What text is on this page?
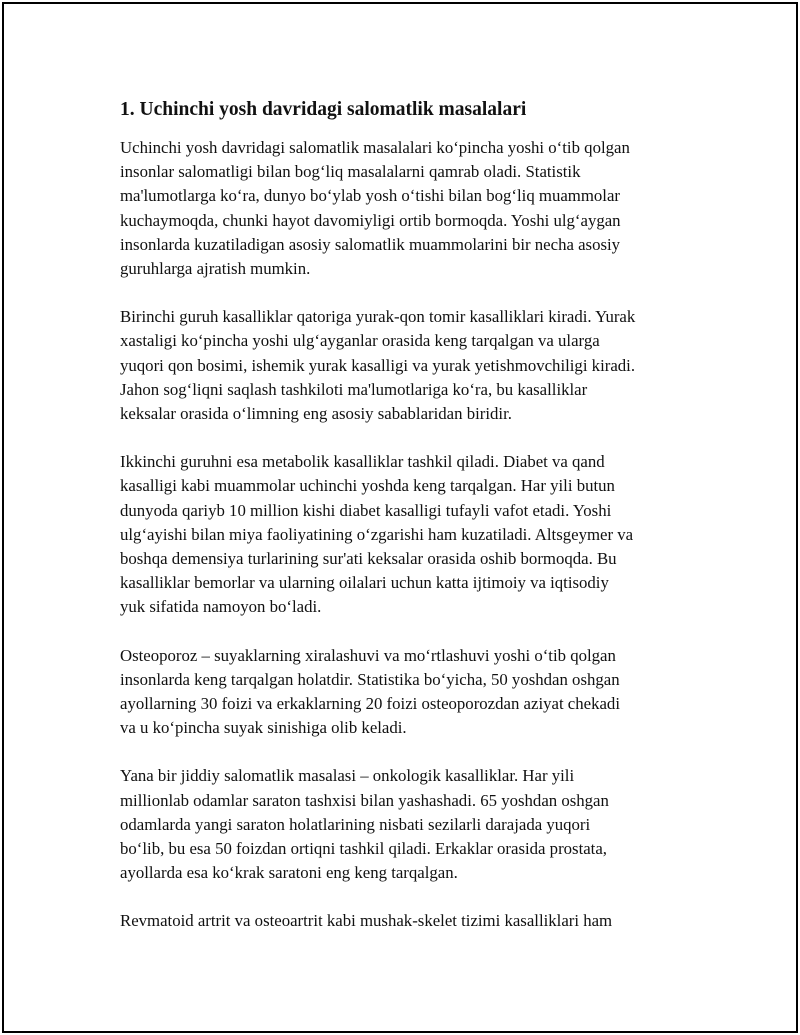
1. Uchinchi yosh davridagi salomatlik masalalari

Uchinchi yosh davridagi salomatlik masalalari ko‘pincha yoshi o‘tib qolgan
insonlar salomatligi bilan bog‘liq masalalarni qamrab oladi. Statistik
ma'lumotlarga ko‘ra, dunyo bo‘ylab yosh o‘tishi bilan bog‘liq muammolar
kuchaymoqda, chunki hayot davomiyligi ortib bormoqda. Yoshi ulg‘aygan
insonlarda kuzatiladigan asosiy salomatlik muammolarini bir necha asosiy
guruhlarga ajratish mumkin.

Birinchi guruh kasalliklar qatoriga yurak-qon tomir kasalliklari kiradi. Yurak
xastaligi ko‘pincha yoshi ulg‘ayganlar orasida keng tarqalgan va ularga
yuqori qon bosimi, ishemik yurak kasalligi va yurak yetishmovchiligi kiradi.
Jahon sog‘liqni saqlash tashkiloti ma'lumotlariga ko‘ra, bu kasalliklar
keksalar orasida o‘limning eng asosiy sabablaridan biridir.

Ikkinchi guruhni esa metabolik kasalliklar tashkil qiladi. Diabet va qand
kasalligi kabi muammolar uchinchi yoshda keng tarqalgan. Har yili butun
dunyoda qariyb 10 million kishi diabet kasalligi tufayli vafot etadi. Yoshi
ulg‘ayishi bilan miya faoliyatining o‘zgarishi ham kuzatiladi. Altsgeymer va
boshqa demensiya turlarining sur'ati keksalar orasida oshib bormoqda. Bu
kasalliklar bemorlar va ularning oilalari uchun katta ijtimoiy va iqtisodiy
yuk sifatida namoyon bo‘ladi.

Osteoporoz – suyaklarning xiralashuvi va mo‘rtlashuvi yoshi o‘tib qolgan
insonlarda keng tarqalgan holatdir. Statistika bo‘yicha, 50 yoshdan oshgan
ayollarning 30 foizi va erkaklarning 20 foizi osteoporozdan aziyat chekadi
va u ko‘pincha suyak sinishiga olib keladi.

Yana bir jiddiy salomatlik masalasi – onkologik kasalliklar. Har yili
millionlab odamlar saraton tashxisi bilan yashashadi. 65 yoshdan oshgan
odamlarda yangi saraton holatlarining nisbati sezilarli darajada yuqori
bo‘lib, bu esa 50 foizdan ortiqni tashkil qiladi. Erkaklar orasida prostata,
ayollarda esa ko‘krak saratoni eng keng tarqalgan.

Revmatoid artrit va osteoartrit kabi mushak-skelet tizimi kasalliklari ham
